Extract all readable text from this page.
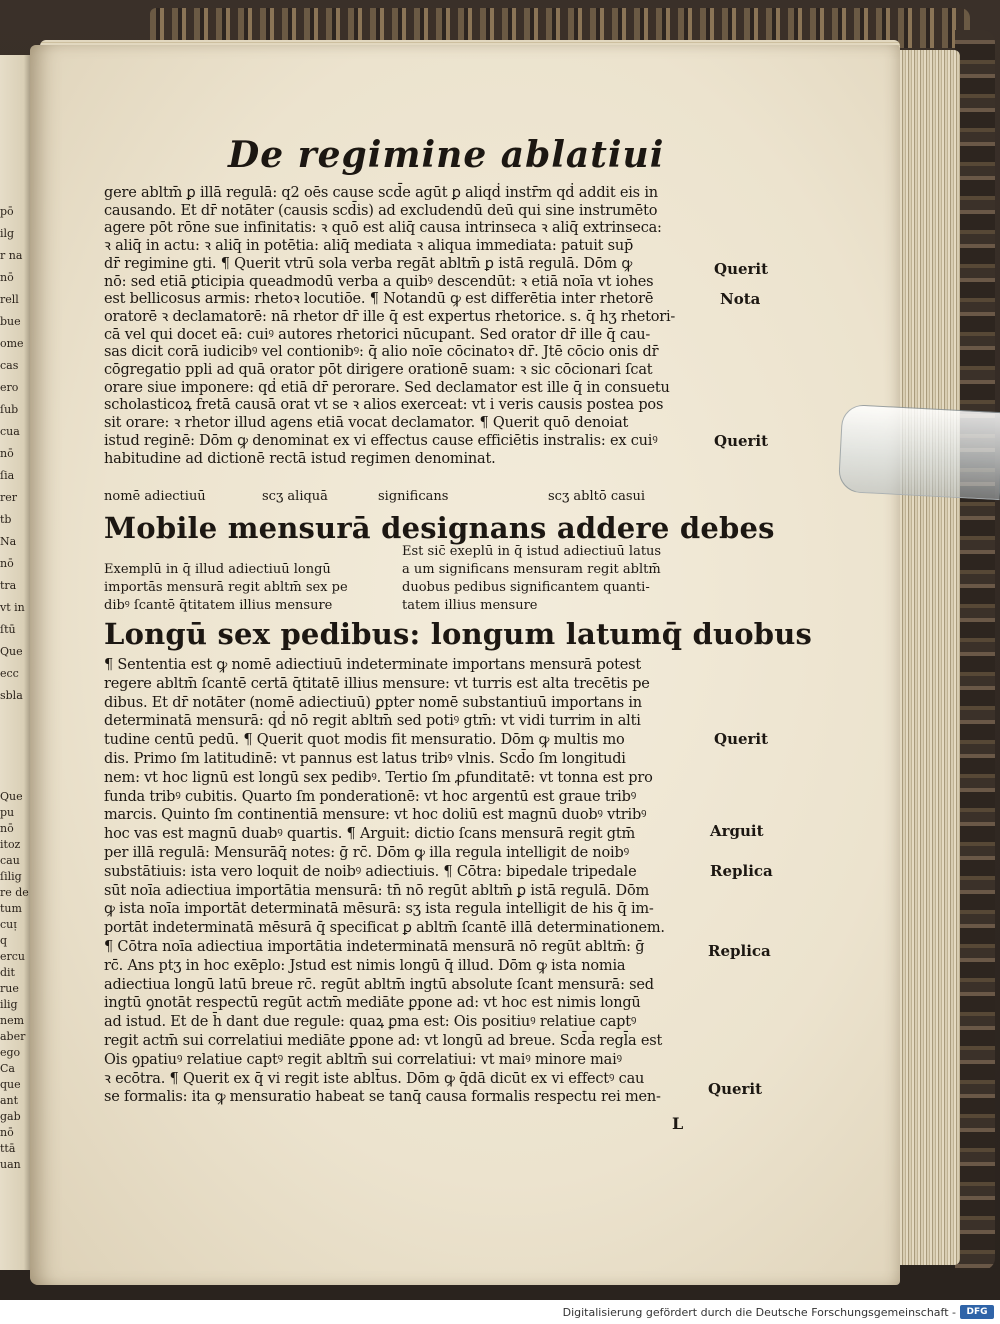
pō
ilg
r na
nō
rell
bue
ome
cas
ero
ſub
cua
nō
ſia
rer
tb̄
Na
nō
tra
vt in
ſtū
Que
ecc
sbla
Que
pu
nō
itoz
cau
ſilig
re de
tum
cuᴉ
q
ercu
dit
rue
ilig
nem
aber
ego
Ca
que
ant
gab
nō
ttā
uan
De regimine ablatiui
gere abltm̄ ꝑ illā regulā: q2 oēs cause scd̄e agūt ꝑ aliqḋ instr̄m qḋ addit eis in
causando. Et dr̄ notāter (causis scd̄is) ad excludendū deū qui sine instrumēto
agere pōt rōne sue infinitatis: ꝛ quō est aliq̄ causa intrinseca ꝛ aliq̄ extrinseca:
ꝛ aliq̄ in actu: ꝛ aliq̄ in potētia: aliq̄ mediata ꝛ aliqua immediata: patuit sup̄
dr̄ regimine gti. ¶ Querit vtrū sola verba regāt abltm̄ ꝑ istā regulā. Dōm ꝙ
nō: sed etiā ꝑticipia queadmodū verba a quibꝰ descendūt: ꝛ etiā noīa vt iohes
est bellicosus armis: rhetoꝛ locutiōe. ¶ Notandū ꝙ est differētia inter rhetorē
oratorē ꝛ declamatorē: nā rhetor dr̄ ille q̄ est expertus rhetorice. s. q̄ hʒ rhetori-
cā vel qui docet eā: cuiꝰ autores rhetorici nūcupant. Sed orator dr̄ ille q̄ cau-
sas dicit corā iudicibꝰ vel contionibꝰ: q̄ alio noīe cōcinatoꝛ dr̄. Jtē cōcio onis dr̄
cōgregatio ppli ad quā orator pōt dirigere orationē suam: ꝛ sic cōcionari ſcat
orare siue imponere: qḋ etiā dr̄ perorare. Sed declamator est ille q̄ in consuetu
scholasticoꝝ fretā causā orat vt se ꝛ alios exerceat: vt i veris causis postea pos
sit orare: ꝛ rhetor illud agens etiā vocat declamator. ¶ Querit quō denoiat
istud reginē: Dōm ꝙ denominat ex vi effectus cause efficiētis instralis: ex cuiꝰ
habitudine ad dictionē rectā istud regimen denominat.
nomē adiectiuū	scʒ aliquā	significans	scʒ abltō casui
Mobile mensurā designans addere debes
Est sic̄ exeplū in q̄ istud adiectiuū latus
Exemplū in q̄ illud adiectiuū longū
importās mensurā regit abltm̄ sex pe
dibꝰ ſcantē q̄titatem illius mensure
a um significans mensuram regit abltm̄
duobus pedibus significantem quanti-
tatem illius mensure
Longū sex pedibus: longum latumq̄ duobus
¶ Sententia est ꝙ nomē adiectiuū indeterminate importans mensurā potest
regere abltm̄ ſcantē certā q̄titatē illius mensure: vt turris est alta trecētis pe
dibus. Et dr̄ notāter (nomē adiectiuū) ꝑpter nomē substantiuū importans in
determinatā mensurā: qḋ nō regit abltm̄ sed potiꝰ gtm̄: vt vidi turrim in alti
tudine centū pedū. ¶ Querit quot modis fit mensuratio. Dōm ꝙ multis mo
dis. Primo ſm latitudinē: vt pannus est latus tribꝰ vlnis. Scd̄o ſm longitudi
nem: vt hoc lignū est longū sex pedibꝰ. Tertio ſm ꝓfunditatē: vt tonna est pro
funda tribꝰ cubitis. Quarto ſm ponderationē: vt hoc argentū est graue tribꝰ
marcis. Quinto ſm continentiā mensure: vt hoc doliū est magnū duobꝰ vtribꝰ
hoc vas est magnū duabꝰ quartis. ¶ Arguit: dictio ſcans mensurā regit gtm̄
per illā regulā: Mensurāq̄ notes: ḡ rc̄. Dōm ꝙ illa regula intelligit de noibꝰ
substātiuis: ista vero loquit de noibꝰ adiectiuis. ¶ Cōtra: bipedale tripedale
sūt noīa adiectiua importātia mensurā: tn̄ nō regūt abltm̄ ꝑ istā regulā. Dōm
ꝙ ista noīa importāt determinatā mēsurā: sʒ ista regula intelligit de his q̄ im-
portāt indeterminatā mēsurā q̄ specificat ꝑ abltm̄ ſcantē illā determinationem.
¶ Cōtra noīa adiectiua importātia indeterminatā mensurā nō regūt abltm̄: ḡ
rc̄. Ans ptʒ in hoc exēplo: Jstud est nimis longū q̄ illud. Dōm ꝙ ista nomia
adiectiua longū latū breue rc̄. regūt abltm̄ ingtū absolute ſcant mensurā: sed
ingtū ꝯnotāt respectū regūt actm̄ mediāte ꝑpone ad: vt hoc est nimis longū
ad istud. Et de h̄ dant due regule: quaꝝ ꝑma est: Ois positiuꝰ relatiue captꝰ
regit actm̄ sui correlatiui mediāte ꝑpone ad: vt longū ad breue. Scd̄a regl̄a est
Ois ꝯpatiuꝰ relatiue captꝰ regit abltm̄ sui correlatiui: vt maiꝰ minore maiꝰ
ꝛ ecōtra. ¶ Querit ex q̄ vi regit iste ablt̄us. Dōm ꝙ q̄dā dicūt ex vi effectꝰ cau
se formalis: ita ꝙ mensuratio habeat se tanq̄ causa formalis respectu rei men-
L
Querit
Nota
Querit
Querit
Arguit
Replica
Replica
Querit
Digitalisierung gefördert durch die Deutsche Forschungsgemeinschaft -	DFG
